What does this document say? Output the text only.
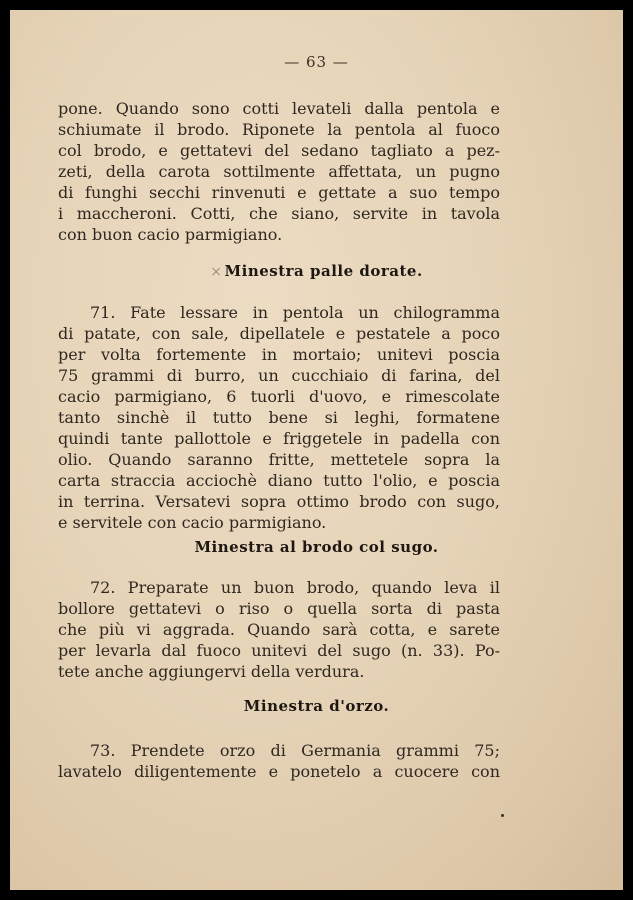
— 63 —
pone. Quando sono cotti levateli dalla pentola e
schiumate il brodo. Riponete la pentola al fuoco
col brodo, e gettatevi del sedano tagliato a pez-
zeti, della carota sottilmente affettata, un pugno
di funghi secchi rinvenuti e gettate a suo tempo
i maccheroni. Cotti, che siano, servite in tavola
con buon cacio parmigiano.
× Minestra palle dorate.
71. Fate lessare in pentola un chilogramma
di patate, con sale, dipellatele e pestatele a poco
per volta fortemente in mortaio; unitevi poscia
75 grammi di burro, un cucchiaio di farina, del
cacio parmigiano, 6 tuorli d'uovo, e rimescolate
tanto sinchè il tutto bene si leghi, formatene
quindi tante pallottole e friggetele in padella con
olio. Quando saranno fritte, mettetele sopra la
carta straccia acciochè diano tutto l'olio, e poscia
in terrina. Versatevi sopra ottimo brodo con sugo,
e servitele con cacio parmigiano.
Minestra al brodo col sugo.
72. Preparate un buon brodo, quando leva il
bollore gettatevi o riso o quella sorta di pasta
che più vi aggrada. Quando sarà cotta, e sarete
per levarla dal fuoco unitevi del sugo (n. 33). Po-
tete anche aggiungervi della verdura.
Minestra d'orzo.
73. Prendete orzo di Germania grammi 75;
lavatelo diligentemente e ponetelo a cuocere con
